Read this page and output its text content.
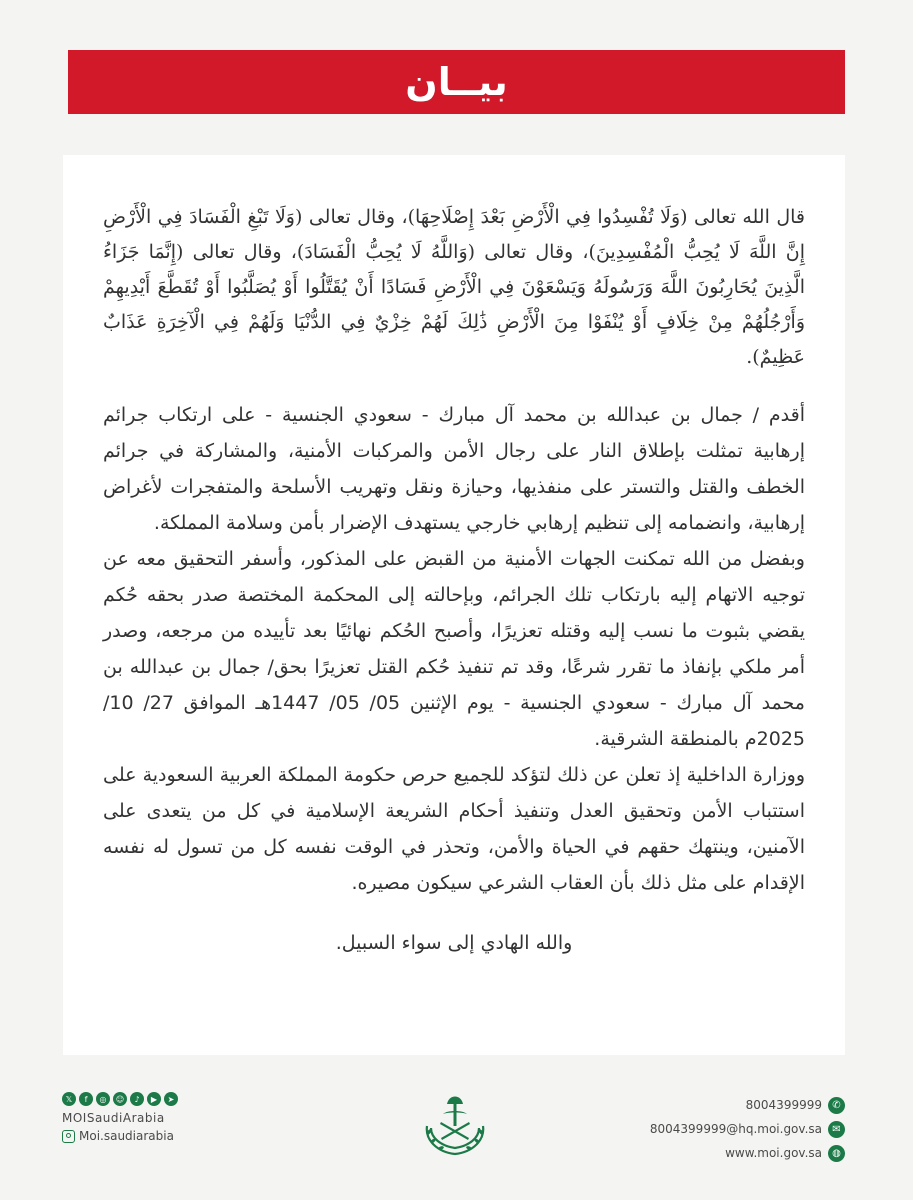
بيــان

قال الله تعالى (وَلَا تُفْسِدُوا فِي الْأَرْضِ بَعْدَ إِصْلَاحِهَا)، وقال تعالى (وَلَا تَبْغِ الْفَسَادَ فِي الْأَرْضِ إِنَّ اللَّهَ لَا يُحِبُّ الْمُفْسِدِينَ)، وقال تعالى (وَاللَّهُ لَا يُحِبُّ الْفَسَادَ)، وقال تعالى (إِنَّمَا جَزَاءُ الَّذِينَ يُحَارِبُونَ اللَّهَ وَرَسُولَهُ وَيَسْعَوْنَ فِي الْأَرْضِ فَسَادًا أَنْ يُقَتَّلُوا أَوْ يُصَلَّبُوا أَوْ تُقَطَّعَ أَيْدِيهِمْ وَأَرْجُلُهُمْ مِنْ خِلَافٍ أَوْ يُنْفَوْا مِنَ الْأَرْضِ ذَٰلِكَ لَهُمْ خِزْيٌ فِي الدُّنْيَا وَلَهُمْ فِي الْآخِرَةِ عَذَابٌ عَظِيمٌ).

أقدم / جمال بن عبدالله بن محمد آل مبارك - سعودي الجنسية - على ارتكاب جرائم إرهابية تمثلت بإطلاق النار على رجال الأمن والمركبات الأمنية، والمشاركة في جرائم الخطف والقتل والتستر على منفذيها، وحيازة ونقل وتهريب الأسلحة والمتفجرات لأغراض إرهابية، وانضمامه إلى تنظيم إرهابي خارجي يستهدف الإضرار بأمن وسلامة المملكة.

وبفضل من الله تمكنت الجهات الأمنية من القبض على المذكور، وأسفر التحقيق معه عن توجيه الاتهام إليه بارتكاب تلك الجرائم، وبإحالته إلى المحكمة المختصة صدر بحقه حُكم يقضي بثبوت ما نسب إليه وقتله تعزيرًا، وأصبح الحُكم نهائيًا بعد تأييده من مرجعه، وصدر أمر ملكي بإنفاذ ما تقرر شرعًا، وقد تم تنفيذ حُكم القتل تعزيرًا بحق/ جمال بن عبدالله بن محمد آل مبارك - سعودي الجنسية - يوم الإثنين 05/ 05/ 1447هـ الموافق 27/ 10/ 2025م بالمنطقة الشرقية.

ووزارة الداخلية إذ تعلن عن ذلك لتؤكد للجميع حرص حكومة المملكة العربية السعودية على استتباب الأمن وتحقيق العدل وتنفيذ أحكام الشريعة الإسلامية في كل من يتعدى على الآمنين، وينتهك حقهم في الحياة والأمن، وتحذر في الوقت نفسه كل من تسول له نفسه الإقدام على مثل ذلك بأن العقاب الشرعي سيكون مصيره.

والله الهادي إلى سواء السبيل.

𝕏	f	◎	☺	♪	▶	➤
MOISaudiArabia
Moi.saudiarabia
8004399999	✆
8004399999@hq.moi.gov.sa	✉
www.moi.gov.sa	◍
